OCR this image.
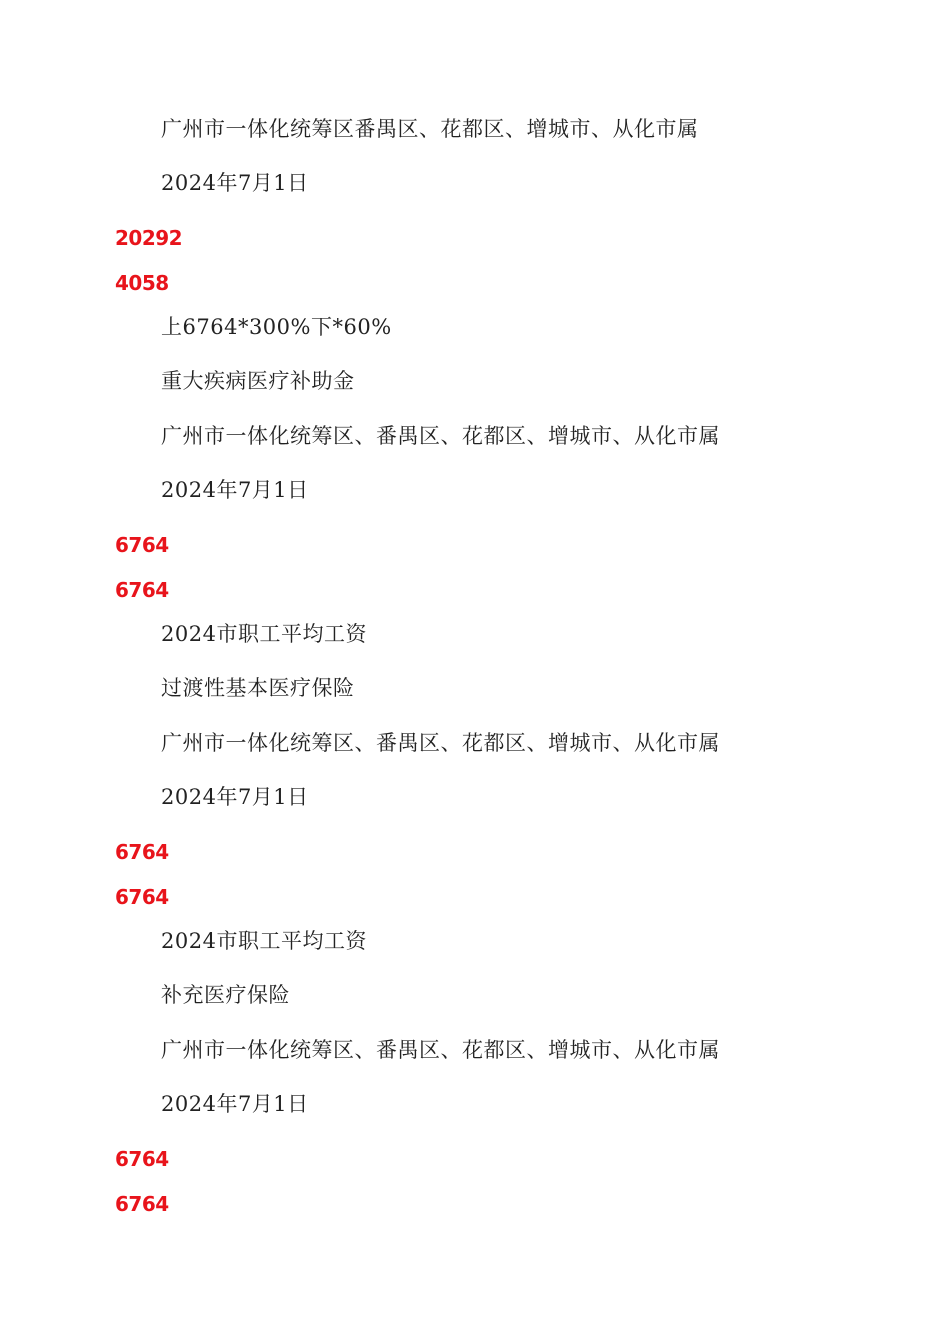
广州市一体化统筹区番禺区、花都区、增城市、从化市属
2024年7月1日
20292
4058
上6764*300%下*60%
重大疾病医疗补助金
广州市一体化统筹区、番禺区、花都区、增城市、从化市属
2024年7月1日
6764
6764
2024市职工平均工资
过渡性基本医疗保险
广州市一体化统筹区、番禺区、花都区、增城市、从化市属
2024年7月1日
6764
6764
2024市职工平均工资
补充医疗保险
广州市一体化统筹区、番禺区、花都区、增城市、从化市属
2024年7月1日
6764
6764
